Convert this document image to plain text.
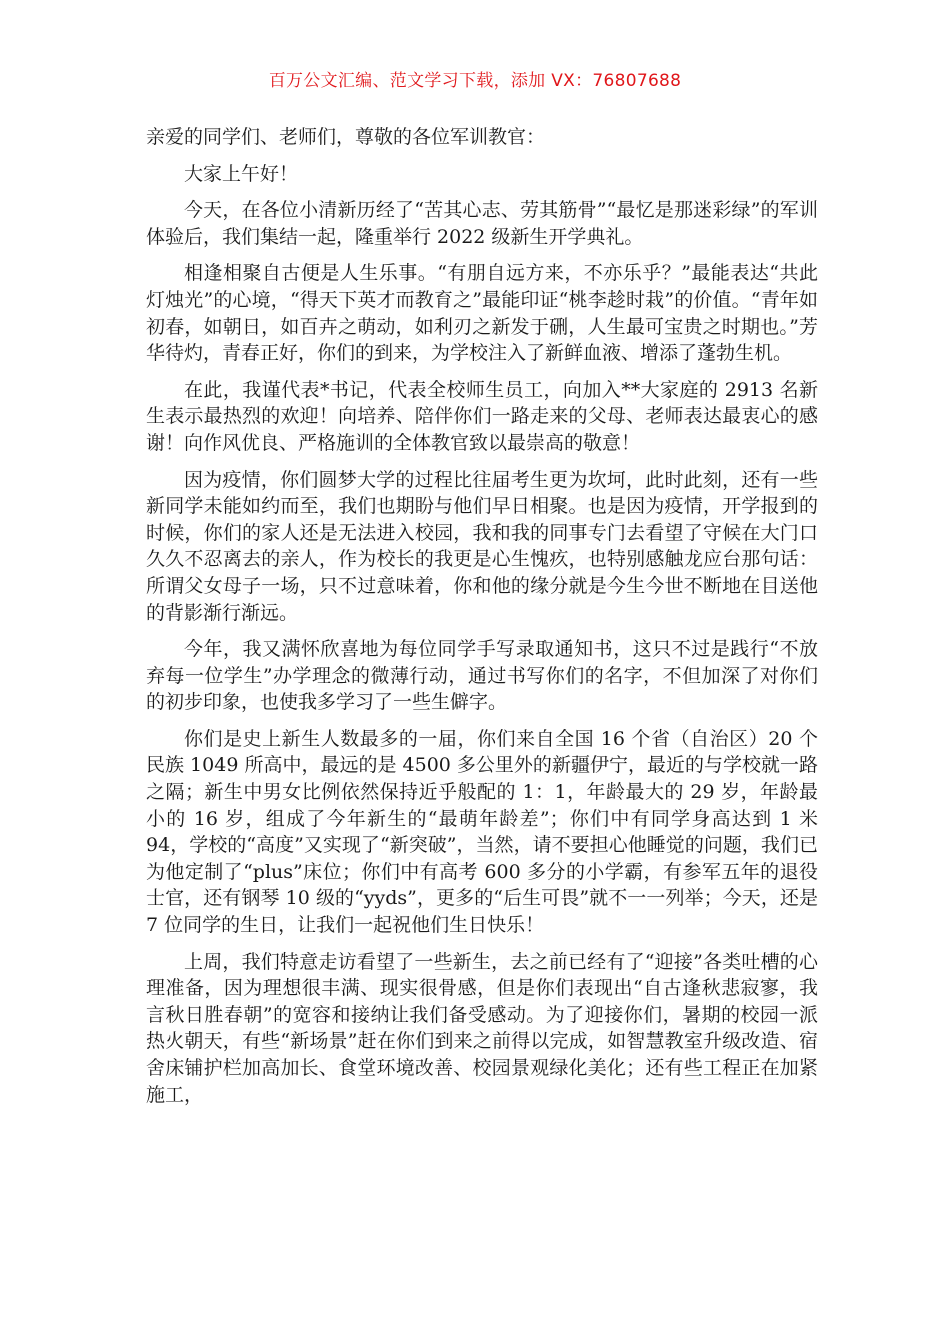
百万公文汇编、范文学习下载，添加 VX：76807688

亲爱的同学们、老师们，尊敬的各位军训教官：

大家上午好！

今天，在各位小清新历经了“苦其心志、劳其筋骨”“最忆是那迷彩绿”的军训体验后，我们集结一起，隆重举行 2022 级新生开学典礼。

相逢相聚自古便是人生乐事。“有朋自远方来，不亦乐乎？”最能表达“共此灯烛光”的心境，“得天下英才而教育之”最能印证“桃李趁时栽”的价值。“青年如初春，如朝日，如百卉之萌动，如利刃之新发于硎，人生最可宝贵之时期也。”芳华待灼，青春正好，你们的到来，为学校注入了新鲜血液、增添了蓬勃生机。

在此，我谨代表*书记，代表全校师生员工，向加入**大家庭的 2913 名新生表示最热烈的欢迎！向培养、陪伴你们一路走来的父母、老师表达最衷心的感谢！向作风优良、严格施训的全体教官致以最崇高的敬意！

因为疫情，你们圆梦大学的过程比往届考生更为坎坷，此时此刻，还有一些新同学未能如约而至，我们也期盼与他们早日相聚。也是因为疫情，开学报到的时候，你们的家人还是无法进入校园，我和我的同事专门去看望了守候在大门口久久不忍离去的亲人，作为校长的我更是心生愧疚，也特别感触龙应台那句话：所谓父女母子一场，只不过意味着，你和他的缘分就是今生今世不断地在目送他的背影渐行渐远。

今年，我又满怀欣喜地为每位同学手写录取通知书，这只不过是践行“不放弃每一位学生”办学理念的微薄行动，通过书写你们的名字，不但加深了对你们的初步印象，也使我多学习了一些生僻字。

你们是史上新生人数最多的一届，你们来自全国 16 个省（自治区）20 个民族 1049 所高中，最远的是 4500 多公里外的新疆伊宁，最近的与学校就一路之隔；新生中男女比例依然保持近乎般配的 1：1，年龄最大的 29 岁，年龄最小的 16 岁，组成了今年新生的“最萌年龄差”；你们中有同学身高达到 1 米 94，学校的“高度”又实现了“新突破”，当然，请不要担心他睡觉的问题，我们已为他定制了“plus”床位；你们中有高考 600 多分的小学霸，有参军五年的退役士官，还有钢琴 10 级的“yyds”，更多的“后生可畏”就不一一列举；今天，还是 7 位同学的生日，让我们一起祝他们生日快乐！

上周，我们特意走访看望了一些新生，去之前已经有了“迎接”各类吐槽的心理准备，因为理想很丰满、现实很骨感，但是你们表现出“自古逢秋悲寂寥，我言秋日胜春朝”的宽容和接纳让我们备受感动。为了迎接你们，暑期的校园一派热火朝天，有些“新场景”赶在你们到来之前得以完成，如智慧教室升级改造、宿舍床铺护栏加高加长、食堂环境改善、校园景观绿化美化；还有些工程正在加紧施工，
